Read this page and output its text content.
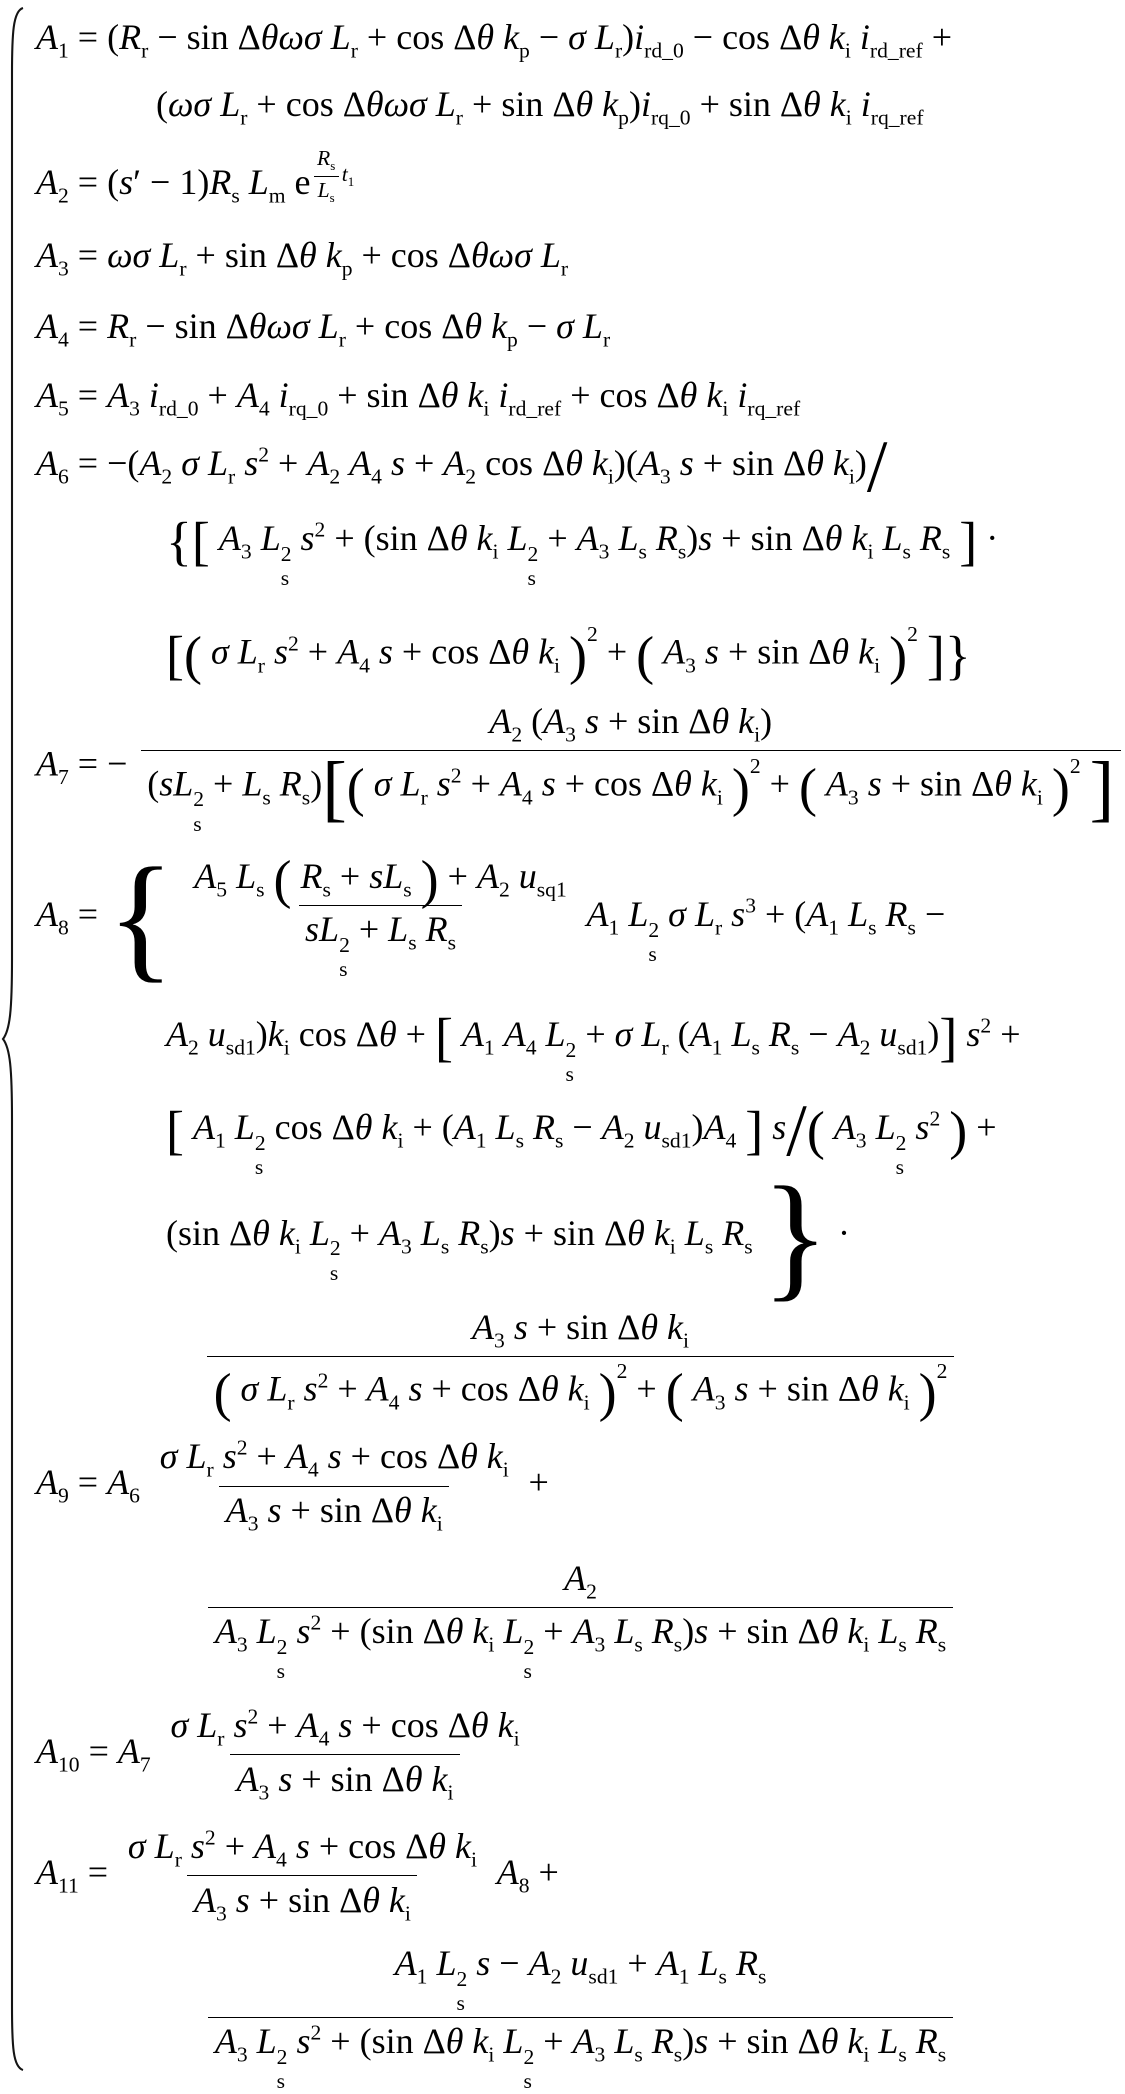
$A_1 = (R_r - \sin \Delta\theta\omega\sigma$ $L_r + \cos \Delta\theta$ $k_p - \sigma$ $L_r)i_{rd\_0} - \cos \Delta\theta$ $k_i$ $i_{rd\_ref}$ +
(ωσ $L_r + \cos \Delta\theta\omega\sigma$ $L_r + \sin \Delta\theta$ $k_p)i_{rq\_0} + \sin \Delta\theta$ $k_i$ $i_{rq\_ref}$
$A_2 = (s' - 1)R_s$ $L_m$ e $^{\frac{R_s}{L_s} t_1}$
$A_3 = \omega\sigma$ $L_r + \sin \Delta\theta$ $k_p + \cos \Delta\theta\omega\sigma$ $L_r$
$A_4 = R_r - \sin \Delta\theta\omega\sigma$ $L_r + \cos \Delta\theta$ $k_p - \sigma$ $L_r$
$A_5 = A_3$ $i_{rd\_0} + A_4$ $i_{rq\_0} + \sin \Delta\theta$ $k_i$ $i_{rd\_ref} + \cos \Delta\theta$ $k_i$ $i_{rq\_ref}$
$A_6 = -(A_2$ σ $L_r$ $s^2 + A_2$ $A_4$ $s + A_2$ cos Δθ $k_i)(A_3$ s + sin Δθ $k_i)/$
{[ $A_3$ L 2
s
$s^2 + (\sin$ Δθ $k_i$ L 2
s
+ $A_3$ $L_s$ $R_s)s + \sin \Delta\theta$ $k_i$ $L_s$ $R_s$ ] ·
[( σ $L_r$ $s^2 + A_4$ s + cos Δθ $k_i$ )$^2$ + ( $A_3$ s + sin Δθ $k_i$ )$^2$ ]}
$A_7$ = −
$A_2$ ($A_3$ s + sin Δθ $k_i$)
(sL 2
s
+ $L_s$ $R_s$)[( σ $L_r$ $s^2 + A_4$ s + cos Δθ $k_i$ )$^2$ + ( $A_3$ s + sin Δθ $k_i$ )$^2$ ]
$A_8$ = { $A_5$ $L_s$ ( $R_s + sL_s$ ) + $A_2$ $u_{sq1}$
sL 2
s
+ $L_s$ $R_s$ $A_1$ L 2
s
σ $L_r$ $s^3 + (A_1$ $L_s$ $R_s$ −
$A_2$ $u_{sd1})k_i$ cos Δθ + [ $A_1$ $A_4$ L 2
s
+ σ $L_r$ ($A_1$ $L_s$ $R_s - A_2$ $u_{sd1}$)] $s^2$ +
[ $A_1$ L 2
s
cos Δθ $k_i + (A_1$ $L_s$ $R_s - A_2$ $u_{sd1})A_4$ ] s/( $A_3$ L 2
s
$s^2$ ) +
(sin Δθ $k_i$ L 2
s
+ $A_3$ $L_s$ $R_s)s + \sin \Delta\theta$ $k_i$ $L_s$ $R_s$ } ·
$\frac{A_3 s + \sin \Delta\theta k_i}{( \sigma L_r s^2 + A_4 s + \cos \Delta\theta k_i )^2 + ( A_3 s + \sin \Delta\theta k_i )^2}$
$A_9 = A_6 \frac{\sigma L_r s^2 + A_4 s + \cos \Delta\theta k_i}{A_3 s + \sin \Delta\theta k_i}$ +
$A_2$
$A_3$ L 2
s
$s^2 + (\sin$ Δθ $k_i$ L 2
s
+ $A_3$ $L_s$ $R_s)s + \sin \Delta\theta$ $k_i$ $L_s$ $R_s$
$A_{10} = A_7 \frac{\sigma L_r s^2 + A_4 s + \cos \Delta\theta k_i}{A_3 s + \sin \Delta\theta k_i}$
$A_{11} = \frac{\sigma L_r s^2 + A_4 s + \cos \Delta\theta k_i}{A_3 s + \sin \Delta\theta k_i} A_8$ +
$A_1$ L 2
s
$s - A_2$ $u_{sd1} + A_1$ $L_s$ $R_s$
$A_3$ L 2
s
$s^2 + (\sin$ Δθ $k_i$ L 2
s
+ $A_3$ $L_s$ $R_s)s + \sin \Delta\theta$ $k_i$ $L_s$ $R_s$
